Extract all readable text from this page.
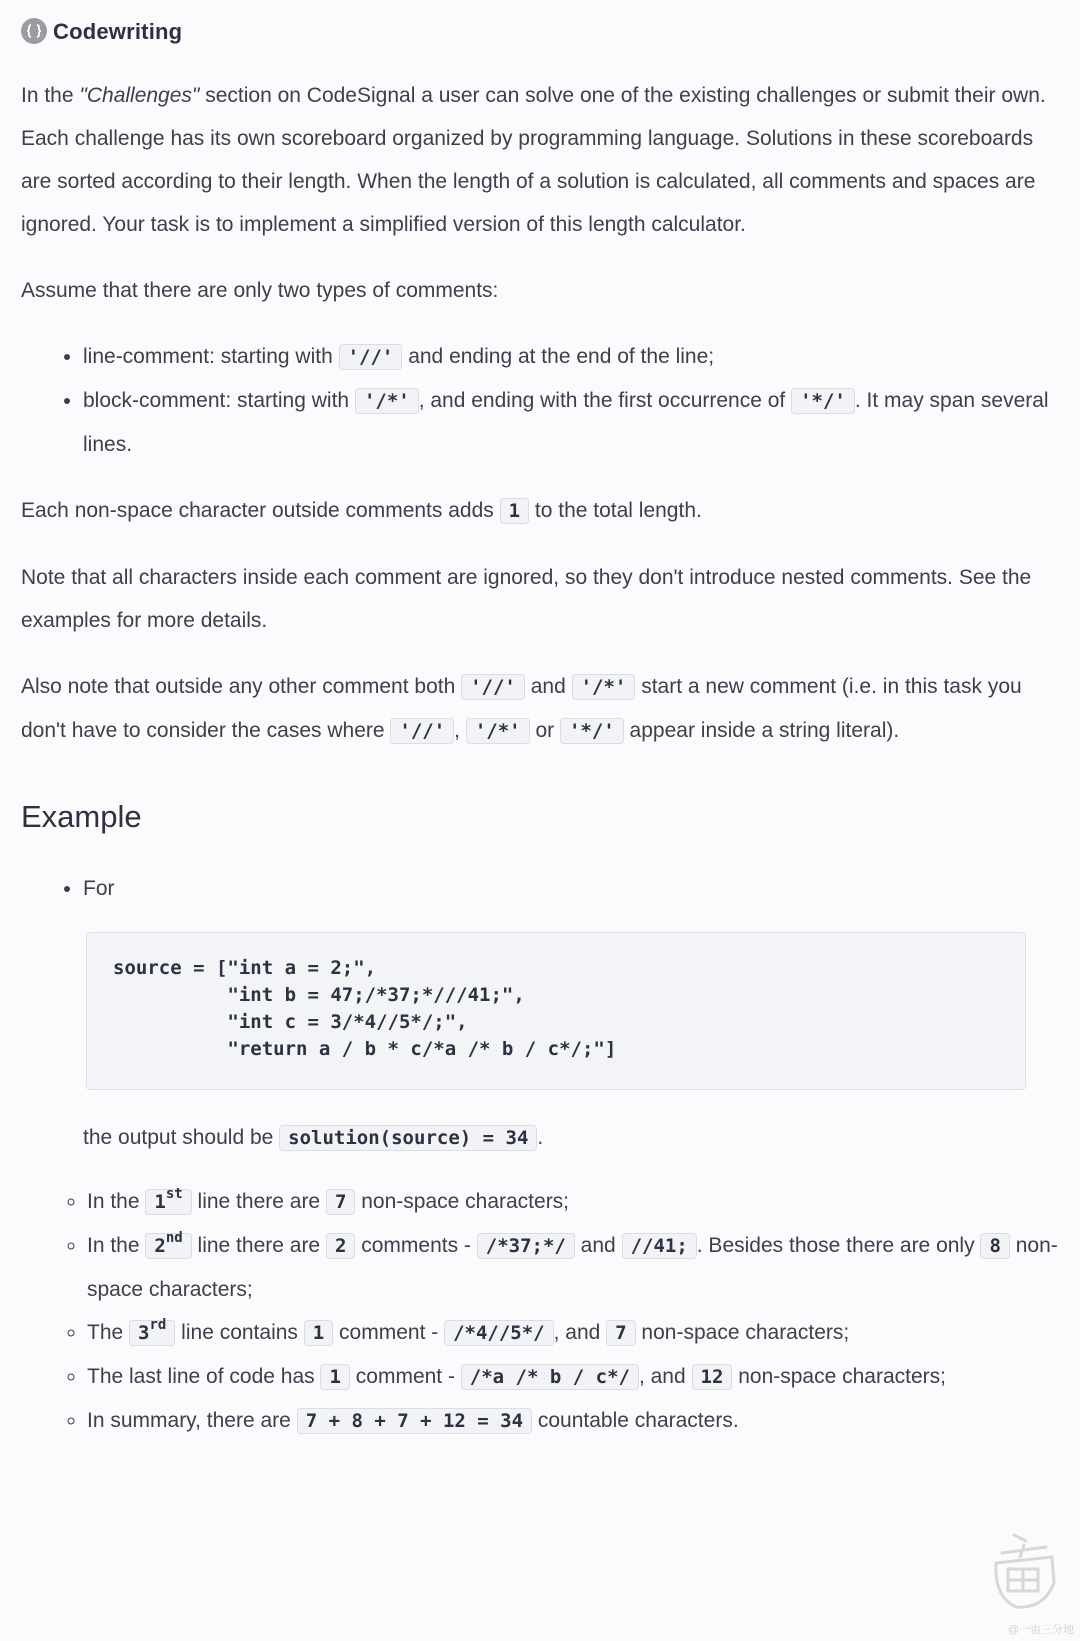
Codewriting

In the "Challenges" section on CodeSignal a user can solve one of the existing challenges or submit their own. Each challenge has its own scoreboard organized by programming language. Solutions in these scoreboards are sorted according to their length. When the length of a solution is calculated, all comments and spaces are ignored. Your task is to implement a simplified version of this length calculator.

Assume that there are only two types of comments:

• line-comment: starting with '//' and ending at the end of the line;
• block-comment: starting with '/*' , and ending with the first occurrence of '*/' . It may span several lines.

Each non-space character outside comments adds 1 to the total length.

Note that all characters inside each comment are ignored, so they don't introduce nested comments. See the examples for more details.

Also note that outside any other comment both '//' and '/*' start a new comment (i.e. in this task you don't have to consider the cases where '//' , '/*' or '*/' appear inside a string literal).

Example
• For
source = ["int a = 2;",
"int b = 47;/*37;*///41;",
"int c = 3/*4//5*/;",
"return a / b * c/*a /* b / c*/;"]
the output should be solution(source) = 34 .
◦ In the 1st line there are 7 non-space characters;
◦ In the 2nd line there are 2 comments - /*37;*/ and //41; . Besides those there are only 8 non-space characters;
◦ The 3rd line contains 1 comment - /*4//5*/ , and 7 non-space characters;
◦ The last line of code has 1 comment - /*a /* b / c*/ , and 12 non-space characters;
◦ In summary, there are 7 + 8 + 7 + 12 = 34 countable characters.
@一亩三分地
